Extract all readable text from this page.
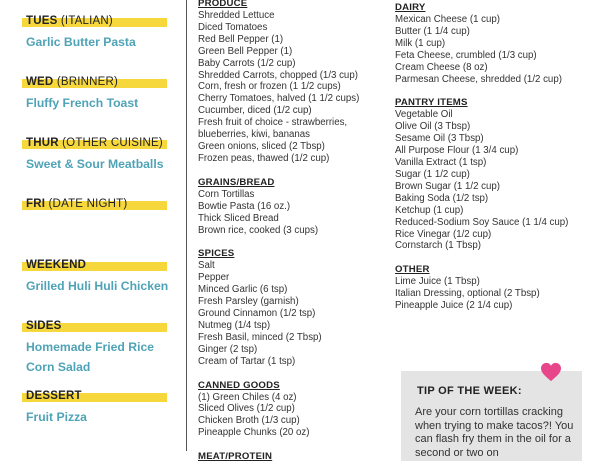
TUES (ITALIAN)
Garlic Butter Pasta
WED (BRINNER)
Fluffy French Toast
THUR (OTHER CUISINE)
Sweet & Sour Meatballs
FRI (DATE NIGHT)
WEEKEND
Grilled Huli Huli Chicken
SIDES
Homemade Fried Rice
Corn Salad
DESSERT
Fruit Pizza
PRODUCE
Shredded Lettuce
Diced Tomatoes
Red Bell Pepper (1)
Green Bell Pepper (1)
Baby Carrots (1/2 cup)
Shredded Carrots, chopped (1/3 cup)
Corn, fresh or frozen (1 1/2 cups)
Cherry Tomatoes, halved (1 1/2 cups)
Cucumber, diced (1/2 cup)
Fresh fruit of choice - strawberries, blueberries, kiwi, bananas
Green onions, sliced (2 Tbsp)
Frozen peas, thawed (1/2 cup)
GRAINS/BREAD
Corn Tortillas
Bowtie Pasta (16 oz.)
Thick Sliced Bread
Brown rice, cooked (3 cups)
SPICES
Salt
Pepper
Minced Garlic (6 tsp)
Fresh Parsley (garnish)
Ground Cinnamon (1/2 tsp)
Nutmeg (1/4 tsp)
Fresh Basil, minced (2 Tbsp)
Ginger (2 tsp)
Cream of Tartar (1 tsp)
CANNED GOODS
(1) Green Chiles (4 oz)
Sliced Olives (1/2 cup)
Chicken Broth (1/3 cup)
Pineapple Chunks (20 oz)
MEAT/PROTEIN
DAIRY
Mexican Cheese (1 cup)
Butter (1 1/4 cup)
Milk (1 cup)
Feta Cheese, crumbled (1/3 cup)
Cream Cheese (8 oz)
Parmesan Cheese, shredded (1/2 cup)
PANTRY ITEMS
Vegetable Oil
Olive Oil (3 Tbsp)
Sesame Oil (3 Tbsp)
All Purpose Flour (1 3/4 cup)
Vanilla Extract (1 tsp)
Sugar (1 1/2 cup)
Brown Sugar (1 1/2 cup)
Baking Soda (1/2 tsp)
Ketchup (1 cup)
Reduced-Sodium Soy Sauce (1 1/4 cup)
Rice Vinegar (1/2 cup)
Cornstarch (1 Tbsp)
OTHER
Lime Juice (1 Tbsp)
Italian Dressing, optional (2 Tbsp)
Pineapple Juice (2 1/4 cup)
TIP OF THE WEEK:
Are your corn tortillas cracking when trying to make tacos?! You can flash fry them in the oil for a second or two on
